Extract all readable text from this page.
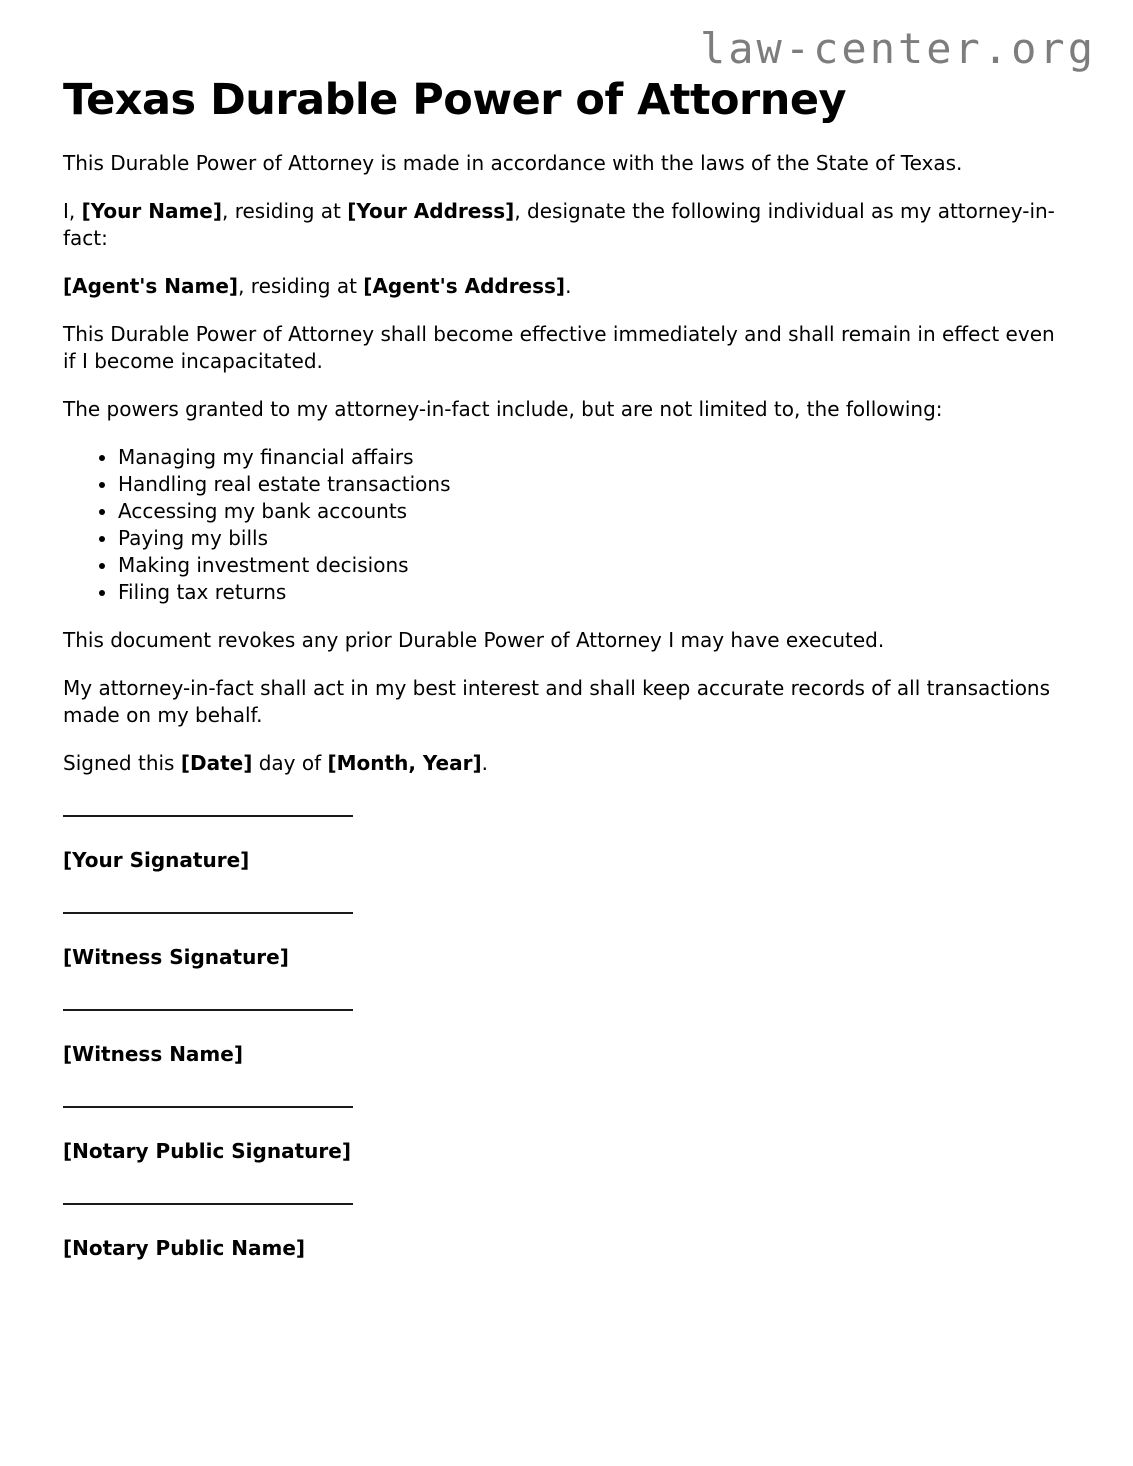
law-center.org
Texas Durable Power of Attorney

This Durable Power of Attorney is made in accordance with the laws of the State of Texas.

I, [Your Name], residing at [Your Address], designate the following individual as my attorney-in-fact:

[Agent's Name], residing at [Agent's Address].

This Durable Power of Attorney shall become effective immediately and shall remain in effect even if I become incapacitated.

The powers granted to my attorney-in-fact include, but are not limited to, the following:

• Managing my financial affairs
• Handling real estate transactions
• Accessing my bank accounts
• Paying my bills
• Making investment decisions
• Filing tax returns

This document revokes any prior Durable Power of Attorney I may have executed.

My attorney-in-fact shall act in my best interest and shall keep accurate records of all transactions made on my behalf.

Signed this [Date] day of [Month, Year].

[Your Signature]
[Witness Signature]
[Witness Name]
[Notary Public Signature]
[Notary Public Name]
